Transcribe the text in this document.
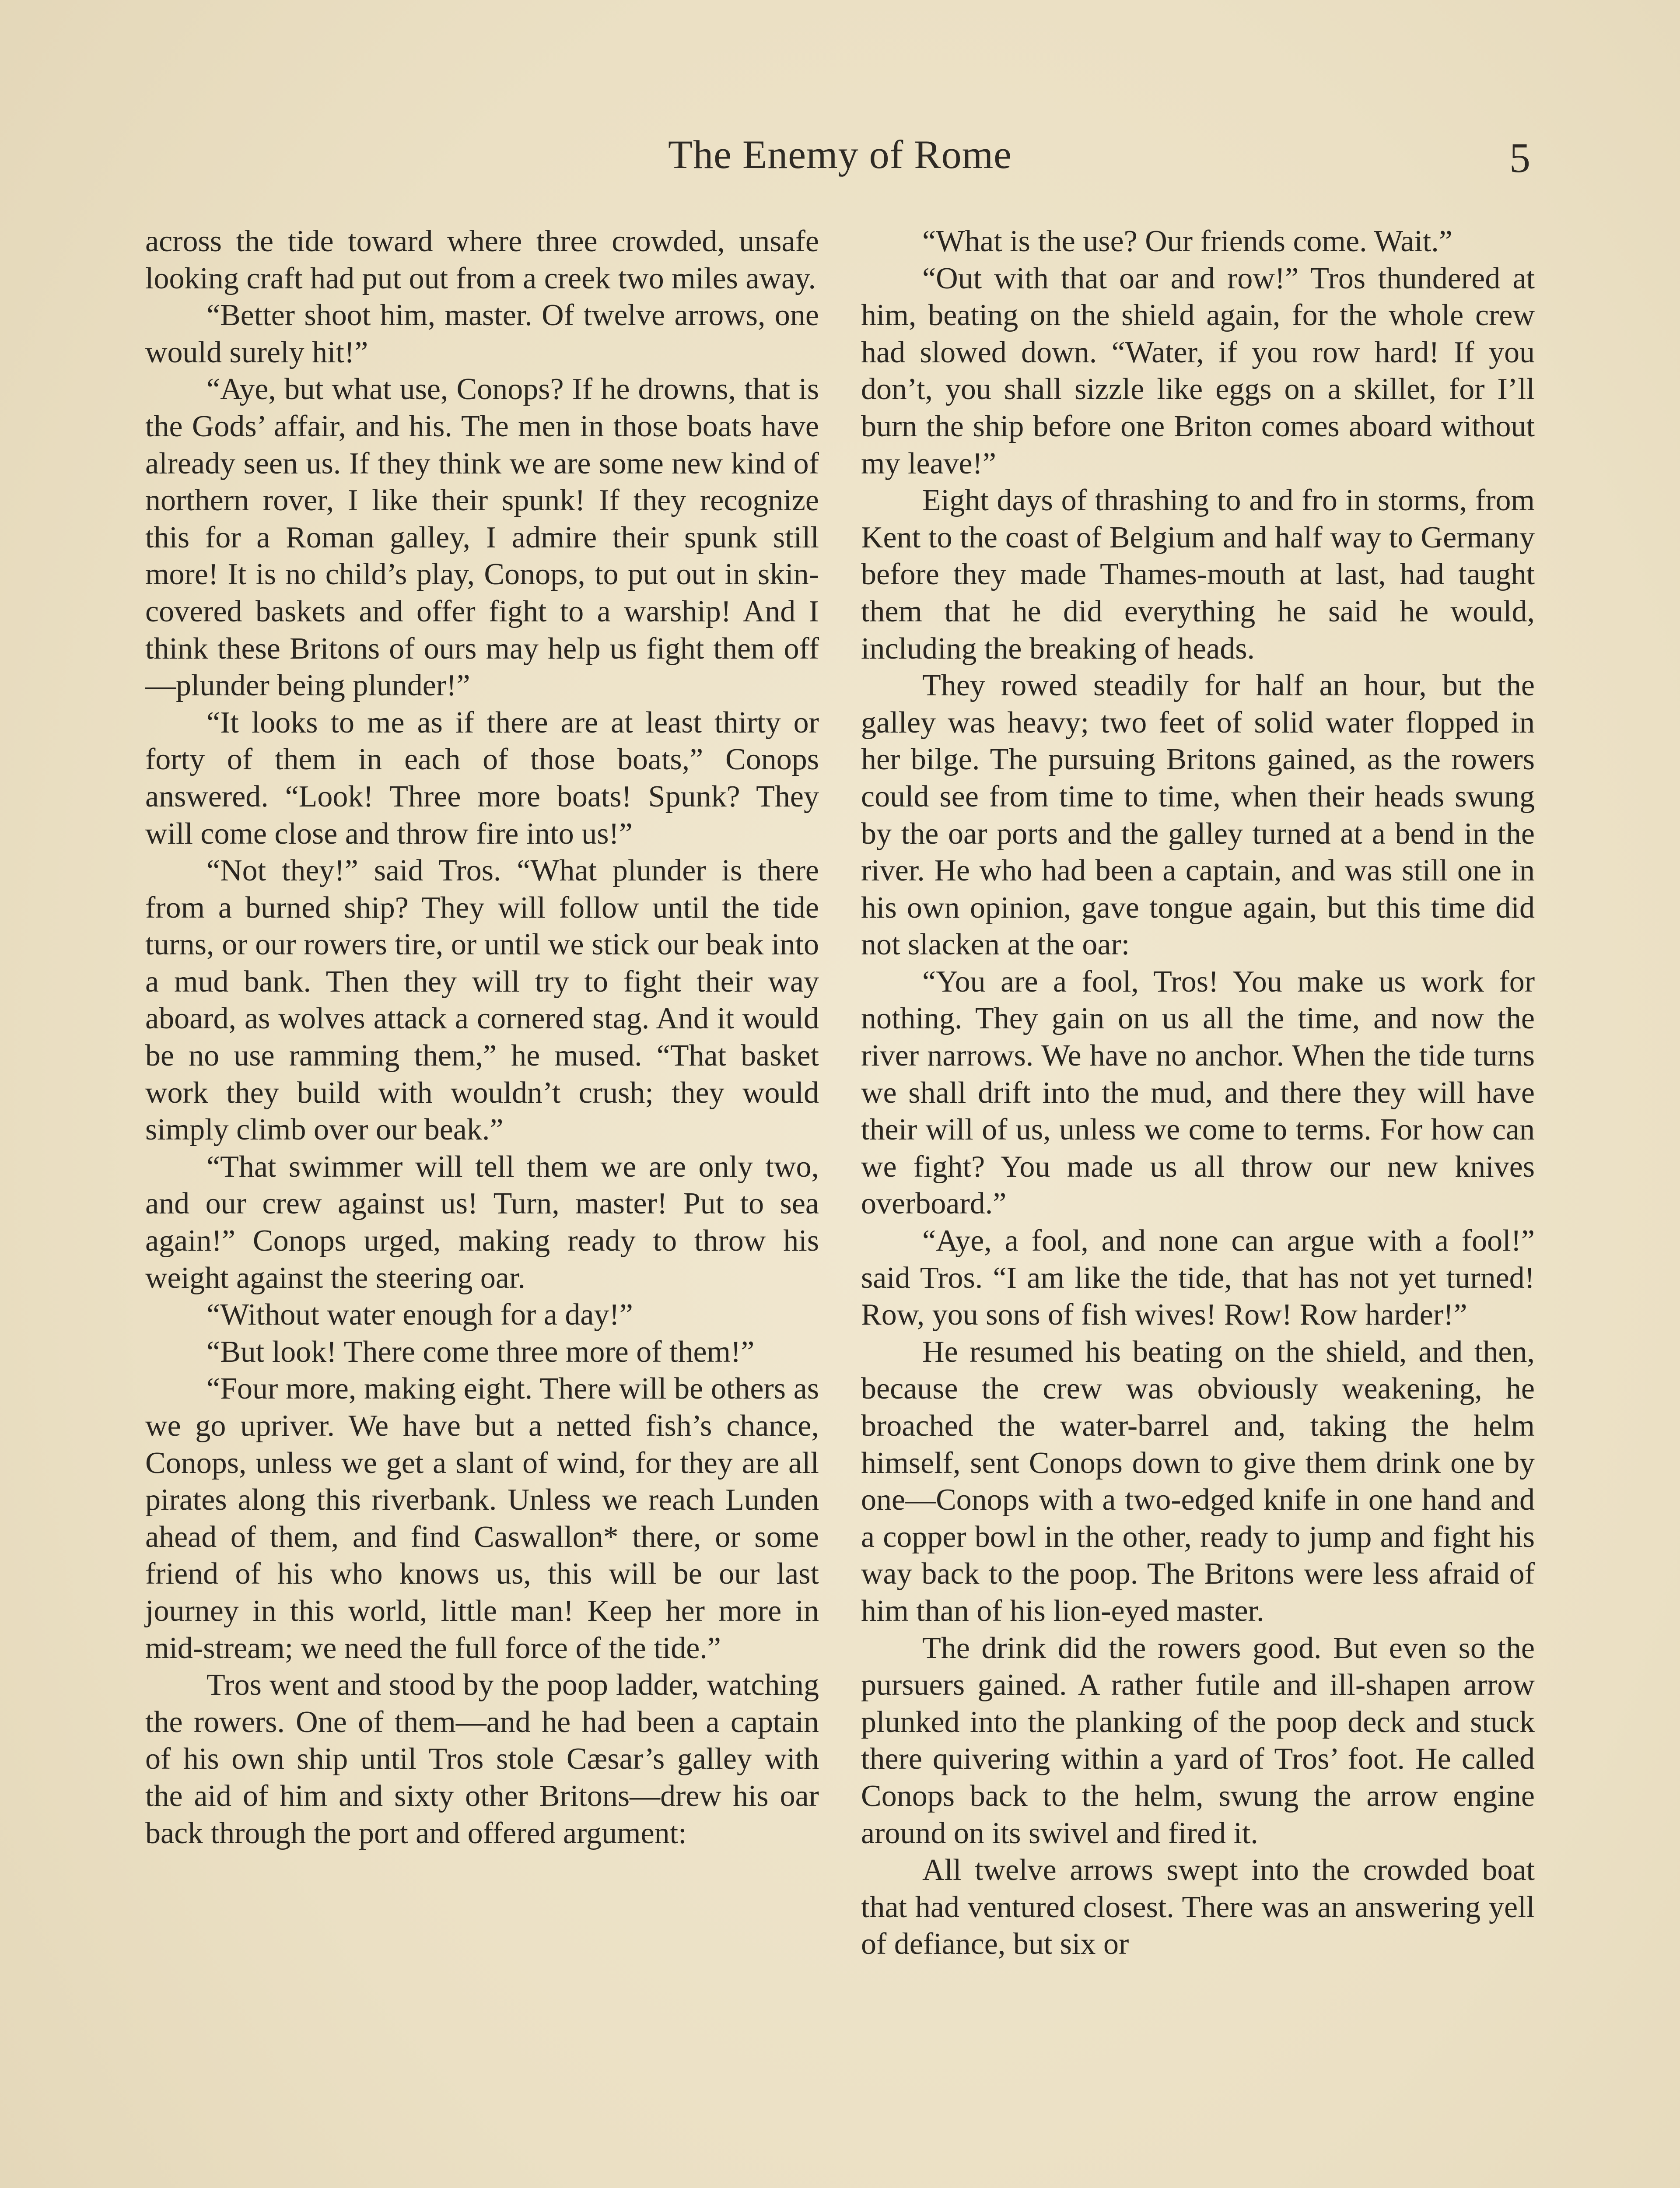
The Enemy of Rome	5

across the tide toward where three crowded, unsafe looking craft had put out from a creek two miles away.

“Better shoot him, master. Of twelve arrows, one would surely hit!”

“Aye, but what use, Conops? If he drowns, that is the Gods’ affair, and his. The men in those boats have already seen us. If they think we are some new kind of northern rover, I like their spunk! If they recognize this for a Roman galley, I admire their spunk still more! It is no child’s play, Conops, to put out in skin-covered baskets and offer fight to a warship! And I think these Britons of ours may help us fight them off—plunder being plunder!”

“It looks to me as if there are at least thirty or forty of them in each of those boats,” Conops answered. “Look! Three more boats! Spunk? They will come close and throw fire into us!”

“Not they!” said Tros. “What plunder is there from a burned ship? They will follow until the tide turns, or our rowers tire, or until we stick our beak into a mud bank. Then they will try to fight their way aboard, as wolves attack a cornered stag. And it would be no use ramming them,” he mused. “That basket work they build with wouldn’t crush; they would simply climb over our beak.”

“That swimmer will tell them we are only two, and our crew against us! Turn, master! Put to sea again!” Conops urged, making ready to throw his weight against the steering oar.

“Without water enough for a day!”

“But look! There come three more of them!”

“Four more, making eight. There will be others as we go upriver. We have but a netted fish’s chance, Conops, unless we get a slant of wind, for they are all pirates along this riverbank. Unless we reach Lunden ahead of them, and find Caswallon* there, or some friend of his who knows us, this will be our last journey in this world, little man! Keep her more in mid-stream; we need the full force of the tide.”

Tros went and stood by the poop ladder, watching the rowers. One of them—and he had been a captain of his own ship until Tros stole Cæsar’s galley with the aid of him and sixty other Britons—drew his oar back through the port and offered argument:

“What is the use? Our friends come. Wait.”

“Out with that oar and row!” Tros thundered at him, beating on the shield again, for the whole crew had slowed down. “Water, if you row hard! If you don’t, you shall sizzle like eggs on a skillet, for I’ll burn the ship before one Briton comes aboard without my leave!”

Eight days of thrashing to and fro in storms, from Kent to the coast of Belgium and half way to Germany before they made Thames-mouth at last, had taught them that he did everything he said he would, including the breaking of heads.

They rowed steadily for half an hour, but the galley was heavy; two feet of solid water flopped in her bilge. The pursuing Britons gained, as the rowers could see from time to time, when their heads swung by the oar ports and the galley turned at a bend in the river. He who had been a captain, and was still one in his own opinion, gave tongue again, but this time did not slacken at the oar:

“You are a fool, Tros! You make us work for nothing. They gain on us all the time, and now the river narrows. We have no anchor. When the tide turns we shall drift into the mud, and there they will have their will of us, unless we come to terms. For how can we fight? You made us all throw our new knives overboard.”

“Aye, a fool, and none can argue with a fool!” said Tros. “I am like the tide, that has not yet turned! Row, you sons of fish wives! Row! Row harder!”

He resumed his beating on the shield, and then, because the crew was obviously weakening, he broached the water-barrel and, taking the helm himself, sent Conops down to give them drink one by one—Conops with a two-edged knife in one hand and a copper bowl in the other, ready to jump and fight his way back to the poop. The Britons were less afraid of him than of his lion-eyed master.

The drink did the rowers good. But even so the pursuers gained. A rather futile and ill-shapen arrow plunked into the planking of the poop deck and stuck there quivering within a yard of Tros’ foot. He called Conops back to the helm, swung the arrow engine around on its swivel and fired it.

All twelve arrows swept into the crowded boat that had ventured closest. There was an answering yell of defiance, but six or
